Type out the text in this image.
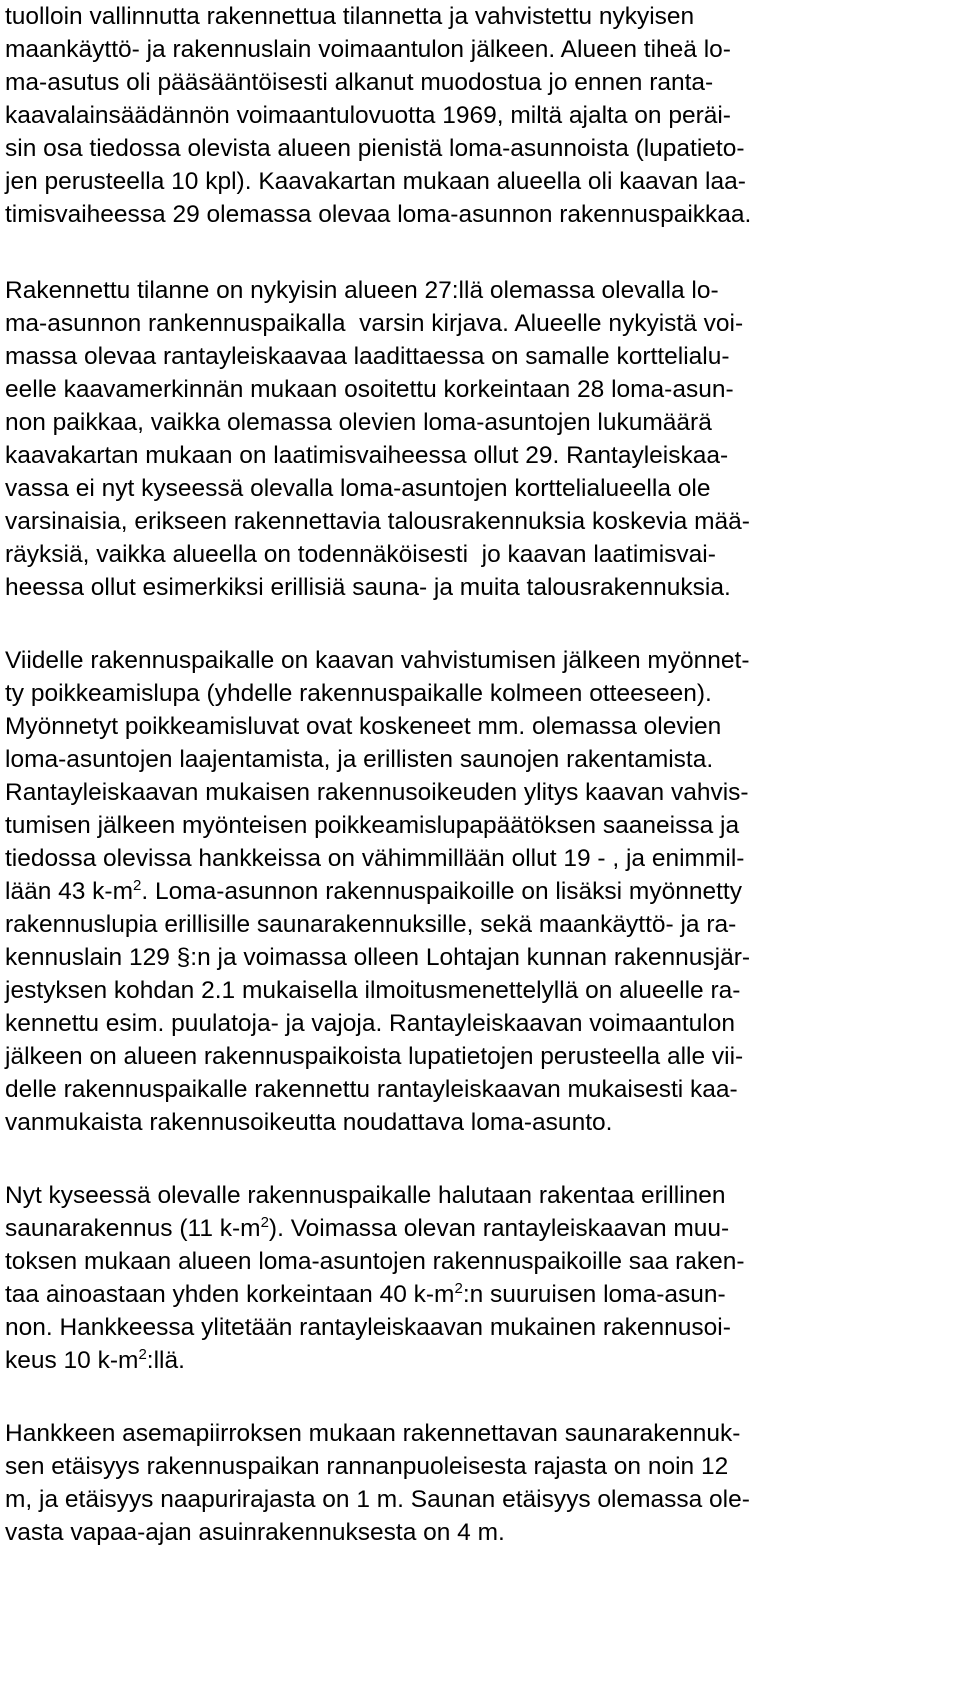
tuolloin vallinnutta rakennettua tilannetta ja vahvistettu nykyisen
maankäyttö- ja rakennuslain voimaantulon jälkeen. Alueen tiheä lo-
ma-asutus oli pääsääntöisesti alkanut muodostua jo ennen ranta-
kaavalainsäädännön voimaantulovuotta 1969, miltä ajalta on peräi-
sin osa tiedossa olevista alueen pienistä loma-asunnoista (lupatieto-
jen perusteella 10 kpl). Kaavakartan mukaan alueella oli kaavan laa-
timisvaiheessa 29 olemassa olevaa loma-asunnon rakennuspaikkaa.

Rakennettu tilanne on nykyisin alueen 27:llä olemassa olevalla lo-
ma-asunnon rankennuspaikalla  varsin kirjava. Alueelle nykyistä voi-
massa olevaa rantayleiskaavaa laadittaessa on samalle korttelialu-
eelle kaavamerkinnän mukaan osoitettu korkeintaan 28 loma-asun-
non paikkaa, vaikka olemassa olevien loma-asuntojen lukumäärä
kaavakartan mukaan on laatimisvaiheessa ollut 29. Rantayleiskaa-
vassa ei nyt kyseessä olevalla loma-asuntojen korttelialueella ole
varsinaisia, erikseen rakennettavia talousrakennuksia koskevia mää-
räyksiä, vaikka alueella on todennäköisesti  jo kaavan laatimisvai-
heessa ollut esimerkiksi erillisiä sauna- ja muita talousrakennuksia.

Viidelle rakennuspaikalle on kaavan vahvistumisen jälkeen myönnet-
ty poikkeamislupa (yhdelle rakennuspaikalle kolmeen otteeseen).
Myönnetyt poikkeamisluvat ovat koskeneet mm. olemassa olevien
loma-asuntojen laajentamista, ja erillisten saunojen rakentamista.
Rantayleiskaavan mukaisen rakennusoikeuden ylitys kaavan vahvis-
tumisen jälkeen myönteisen poikkeamislupapäätöksen saaneissa ja
tiedossa olevissa hankkeissa on vähimmillään ollut 19 - , ja enimmil-
lään 43 $k-m^2$. Loma-asunnon rakennuspaikoille on lisäksi myönnetty
rakennuslupia erillisille saunarakennuksille, sekä maankäyttö- ja ra-
kennuslain 129 §:n ja voimassa olleen Lohtajan kunnan rakennusjär-
jestyksen kohdan 2.1 mukaisella ilmoitusmenettelyllä on alueelle ra-
kennettu esim. puulatoja- ja vajoja. Rantayleiskaavan voimaantulon
jälkeen on alueen rakennuspaikoista lupatietojen perusteella alle vii-
delle rakennuspaikalle rakennettu rantayleiskaavan mukaisesti kaa-
vanmukaista rakennusoikeutta noudattava loma-asunto.

Nyt kyseessä olevalle rakennuspaikalle halutaan rakentaa erillinen
saunarakennus (11 $k-m^2$). Voimassa olevan rantayleiskaavan muu-
toksen mukaan alueen loma-asuntojen rakennuspaikoille saa raken-
taa ainoastaan yhden korkeintaan 40 $k-m^2:n$ suuruisen loma-asun-
non. Hankkeessa ylitetään rantayleiskaavan mukainen rakennusoi-
keus 10 $k-m^2:llä$.

Hankkeen asemapiirroksen mukaan rakennettavan saunarakennuk-
sen etäisyys rakennuspaikan rannanpuoleisesta rajasta on noin 12
m, ja etäisyys naapurirajasta on 1 m. Saunan etäisyys olemassa ole-
vasta vapaa-ajan asuinrakennuksesta on 4 m.
